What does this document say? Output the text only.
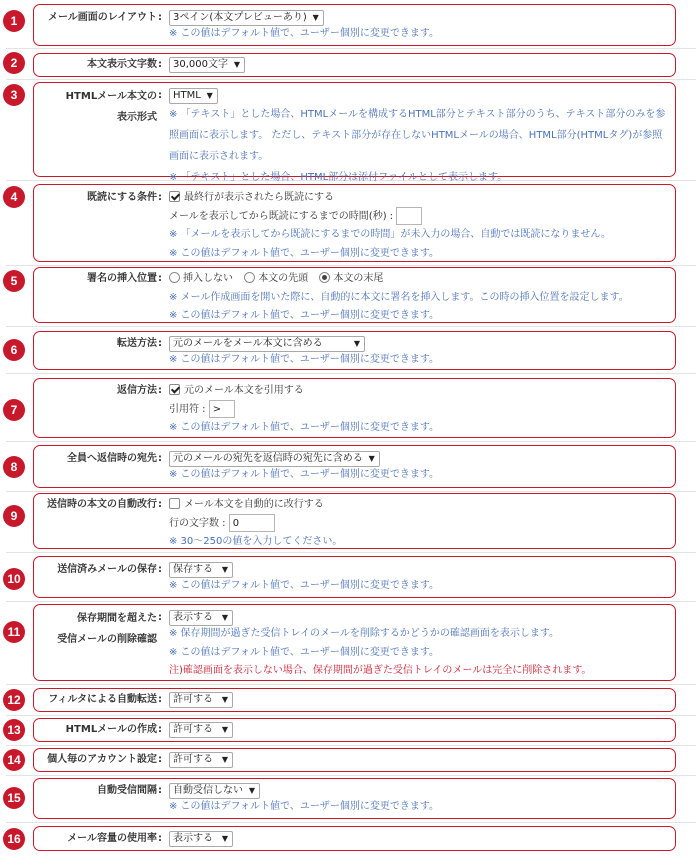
1	メール画面のレイアウト :	3ペイン(本文プレビューあり) ▼
※ この値はデフォルト値で、ユーザー個別に変更できます。
2	本文表示文字数 :	30,000文字 ▼
3	HTMLメール本文の
表示形式
:	HTML ▼
※ 「テキスト」とした場合、HTMLメールを構成するHTML部分とテキスト部分のうち、テキスト部分のみを参照画面に表示します。 ただし、テキスト部分が存在しないHTMLメールの場合、HTML部分(HTMLタグ)が参照画面に表示されます。
※ 「テキスト」とした場合、HTML部分は添付ファイルとして表示します。
4	既読にする条件 :	最終行が表示されたら既読にする
メールを表示してから既読にするまでの時間(秒) :
※ 「メールを表示してから既読にするまでの時間」が未入力の場合、自動では既読になりません。
※ この値はデフォルト値で、ユーザー個別に変更できます。
5	署名の挿入位置 :	挿入しない	本文の先頭	本文の末尾
※ メール作成画面を開いた際に、自動的に本文に署名を挿入します。この時の挿入位置を設定します。
※ この値はデフォルト値で、ユーザー個別に変更できます。
6	転送方法 :	元のメールをメール本文に含める	▼
※ この値はデフォルト値で、ユーザー個別に変更できます。
7
返信方法 :	元のメール本文を引用する
引用符 : >
※ この値はデフォルト値で、ユーザー個別に変更できます。
8
全員へ返信時の宛先 :	元のメールの宛先を返信時の宛先に含める ▼
※ この値はデフォルト値で、ユーザー個別に変更できます。
9
送信時の本文の自動改行 :	メール本文を自動的に改行する
行の文字数 : 0
※ 30～250の値を入力してください。
10
送信済みメールの保存 :	保存する ▼
※ この値はデフォルト値で、ユーザー個別に変更できます。
11
保存期間を超えた
受信メールの削除確認
:	表示する ▼
※ 保存期間が過ぎた受信トレイのメールを削除するかどうかの確認画面を表示します。
※ この値はデフォルト値で、ユーザー個別に変更できます。
注)確認画面を表示しない場合、保存期間が過ぎた受信トレイのメールは完全に削除されます。
12	フィルタによる自動転送 :	許可する ▼
13	HTMLメールの作成 :	許可する ▼
14	個人毎のアカウント設定 :	許可する ▼
15
自動受信間隔 :	自動受信しない ▼
※ この値はデフォルト値で、ユーザー個別に変更できます。
16	メール容量の使用率 :	表示する ▼
